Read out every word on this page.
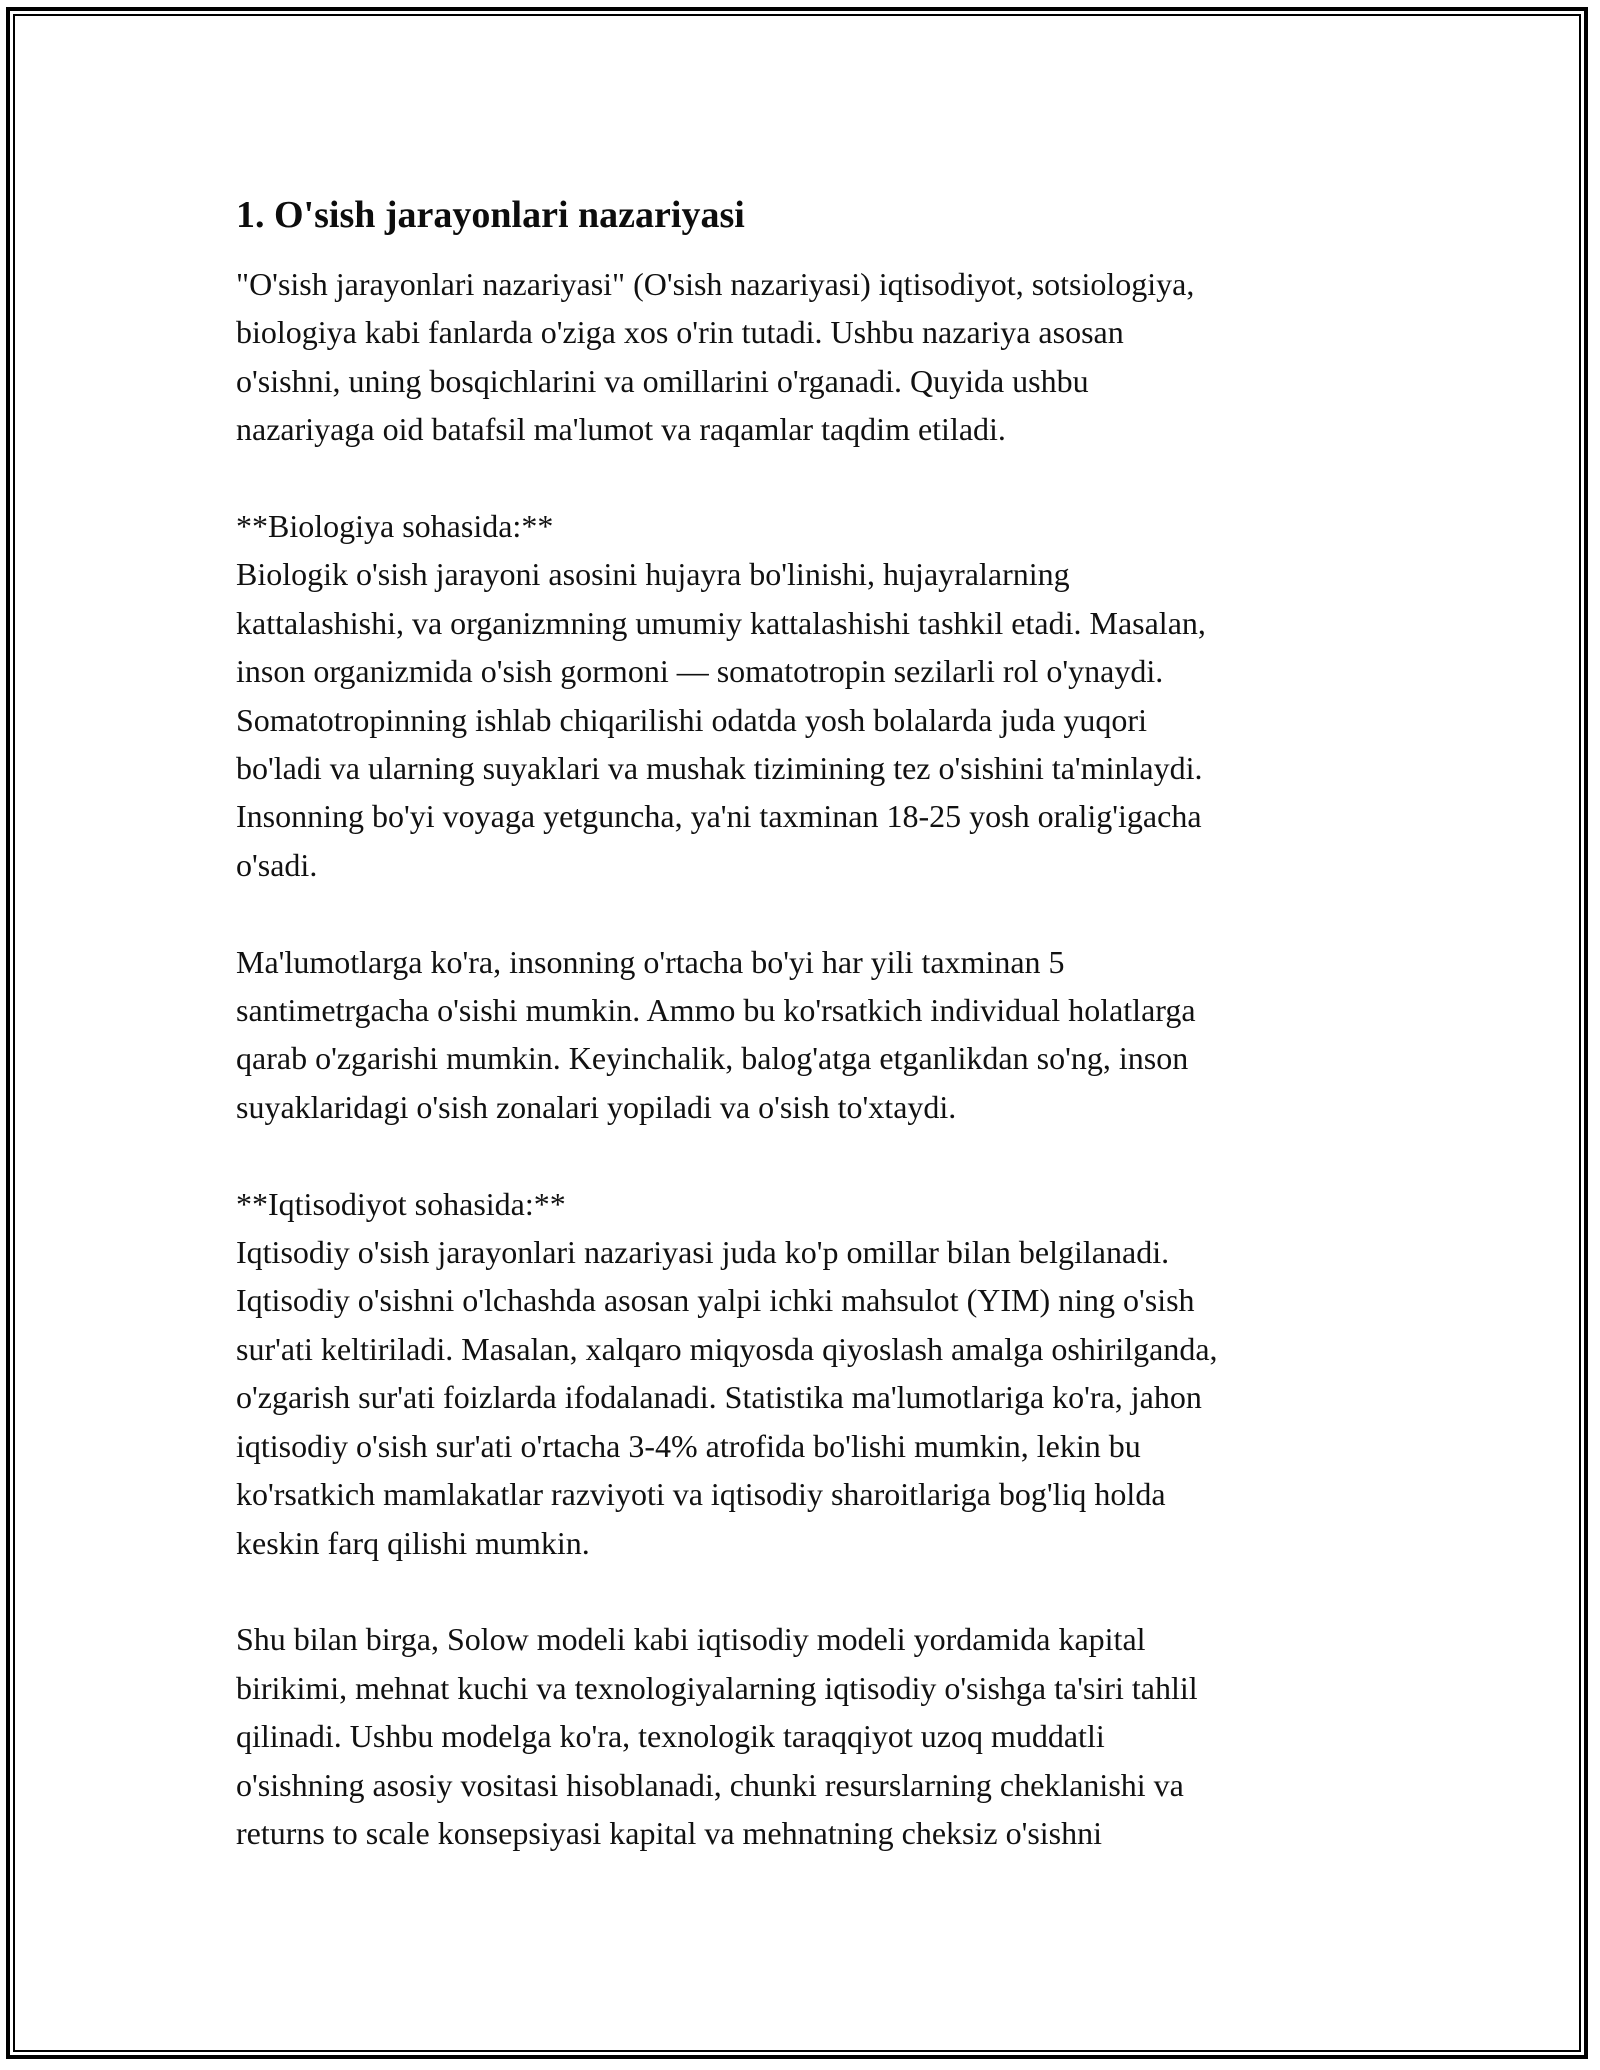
1. O'sish jarayonlari nazariyasi
"O'sish jarayonlari nazariyasi" (O'sish nazariyasi) iqtisodiyot, sotsiologiya,
biologiya kabi fanlarda o'ziga xos o'rin tutadi. Ushbu nazariya asosan
o'sishni, uning bosqichlarini va omillarini o'rganadi. Quyida ushbu
nazariyaga oid batafsil ma'lumot va raqamlar taqdim etiladi.
**Biologiya sohasida:**
Biologik o'sish jarayoni asosini hujayra bo'linishi, hujayralarning
kattalashishi, va organizmning umumiy kattalashishi tashkil etadi. Masalan,
inson organizmida o'sish gormoni — somatotropin sezilarli rol o'ynaydi.
Somatotropinning ishlab chiqarilishi odatda yosh bolalarda juda yuqori
bo'ladi va ularning suyaklari va mushak tizimining tez o'sishini ta'minlaydi.
Insonning bo'yi voyaga yetguncha, ya'ni taxminan 18-25 yosh oralig'igacha
o'sadi.
Ma'lumotlarga ko'ra, insonning o'rtacha bo'yi har yili taxminan 5
santimetrgacha o'sishi mumkin. Ammo bu ko'rsatkich individual holatlarga
qarab o'zgarishi mumkin. Keyinchalik, balog'atga etganlikdan so'ng, inson
suyaklaridagi o'sish zonalari yopiladi va o'sish to'xtaydi.
**Iqtisodiyot sohasida:**
Iqtisodiy o'sish jarayonlari nazariyasi juda ko'p omillar bilan belgilanadi.
Iqtisodiy o'sishni o'lchashda asosan yalpi ichki mahsulot (YIM) ning o'sish
sur'ati keltiriladi. Masalan, xalqaro miqyosda qiyoslash amalga oshirilganda,
o'zgarish sur'ati foizlarda ifodalanadi. Statistika ma'lumotlariga ko'ra, jahon
iqtisodiy o'sish sur'ati o'rtacha 3-4% atrofida bo'lishi mumkin, lekin bu
ko'rsatkich mamlakatlar razviyoti va iqtisodiy sharoitlariga bog'liq holda
keskin farq qilishi mumkin.
Shu bilan birga, Solow modeli kabi iqtisodiy modeli yordamida kapital
birikimi, mehnat kuchi va texnologiyalarning iqtisodiy o'sishga ta'siri tahlil
qilinadi. Ushbu modelga ko'ra, texnologik taraqqiyot uzoq muddatli
o'sishning asosiy vositasi hisoblanadi, chunki resurslarning cheklanishi va
returns to scale konsepsiyasi kapital va mehnatning cheksiz o'sishni
